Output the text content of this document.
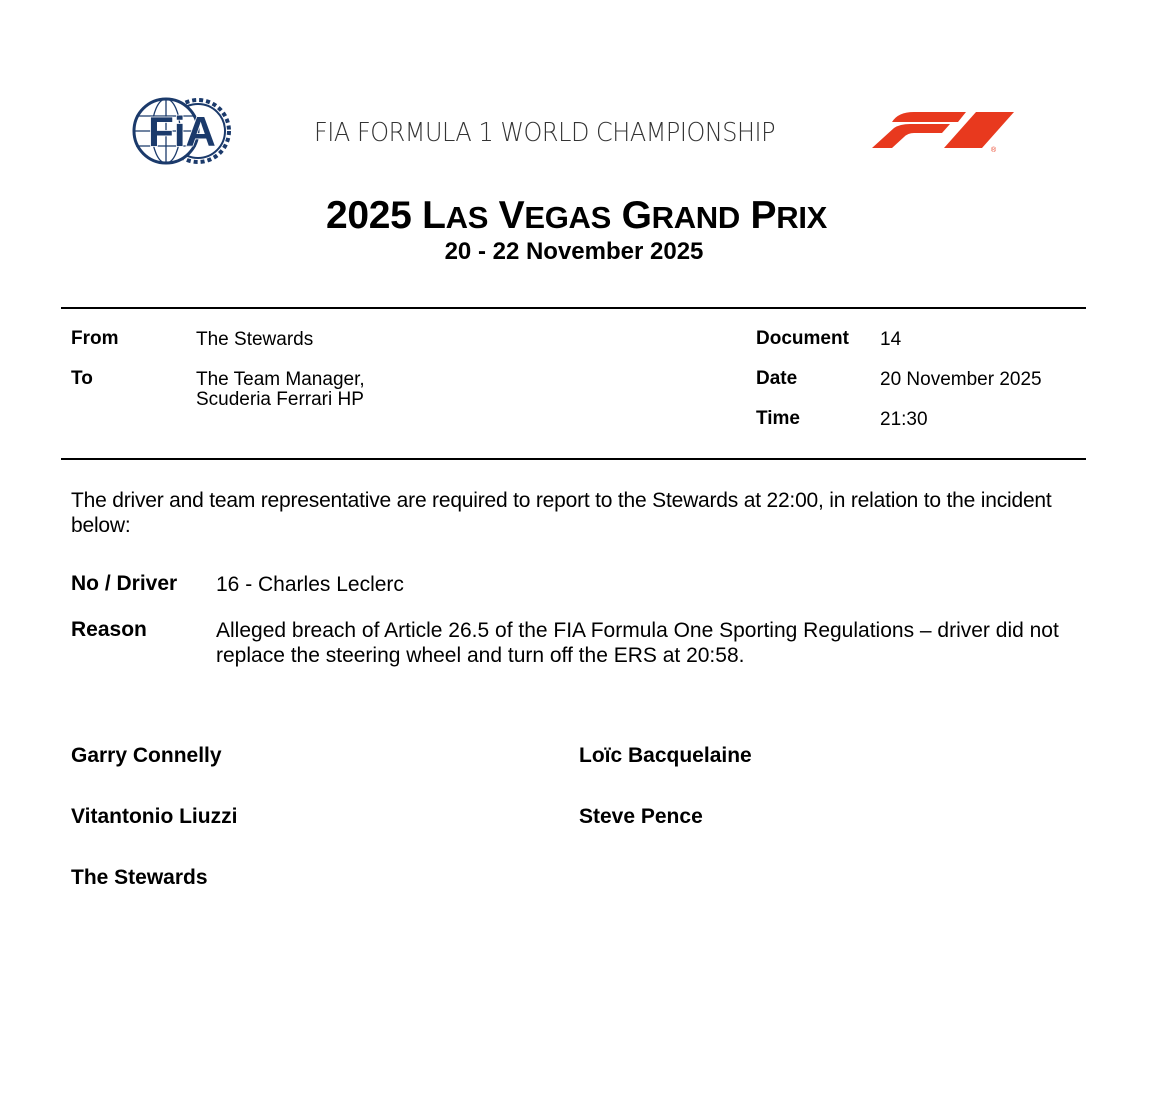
FiA	FIA FORMULA 1 WORLD CHAMPIONSHIP
®
2025 LAS VEGAS GRAND PRIX
20 - 22 November 2025
From	The Stewards
To	The Team Manager,
Scuderia Ferrari HP
Document 14
Date	20 November 2025
Time	21:30
The driver and team representative are required to report to the Stewards at 22:00, in relation to the incident below:
No / Driver 16 - Charles Leclerc
Reason	Alleged breach of Article 26.5 of the FIA Formula One Sporting Regulations – driver did not replace the steering wheel and turn off the ERS at 20:58.
Garry Connelly	Loïc Bacquelaine
Vitantonio Liuzzi	Steve Pence
The Stewards
